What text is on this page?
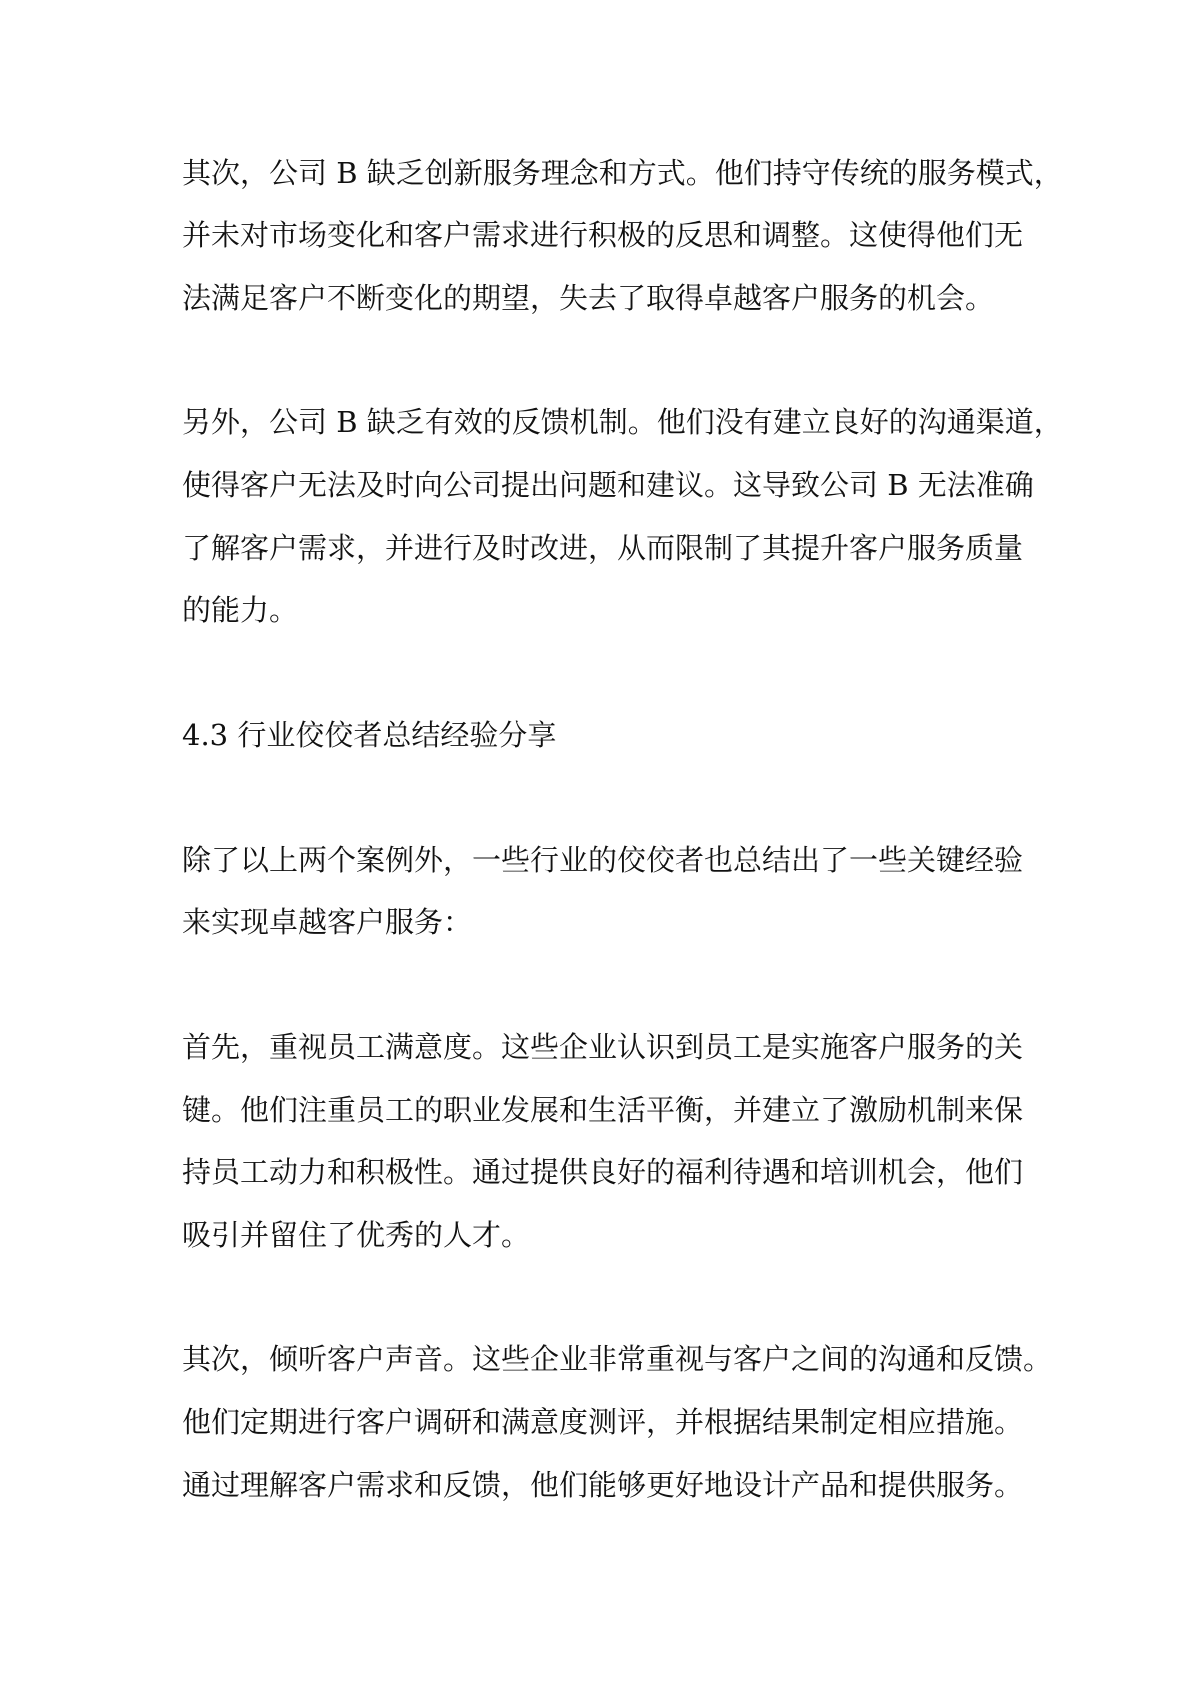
其次，公司 B 缺乏创新服务理念和方式。他们持守传统的服务模式，

并未对市场变化和客户需求进行积极的反思和调整。这使得他们无

法满足客户不断变化的期望，失去了取得卓越客户服务的机会。

另外，公司 B 缺乏有效的反馈机制。他们没有建立良好的沟通渠道，

使得客户无法及时向公司提出问题和建议。这导致公司 B 无法准确

了解客户需求，并进行及时改进，从而限制了其提升客户服务质量

的能力。

4.3 行业佼佼者总结经验分享

除了以上两个案例外，一些行业的佼佼者也总结出了一些关键经验

来实现卓越客户服务：

首先，重视员工满意度。这些企业认识到员工是实施客户服务的关

键。他们注重员工的职业发展和生活平衡，并建立了激励机制来保

持员工动力和积极性。通过提供良好的福利待遇和培训机会，他们

吸引并留住了优秀的人才。

其次，倾听客户声音。这些企业非常重视与客户之间的沟通和反馈。

他们定期进行客户调研和满意度测评，并根据结果制定相应措施。

通过理解客户需求和反馈，他们能够更好地设计产品和提供服务。
